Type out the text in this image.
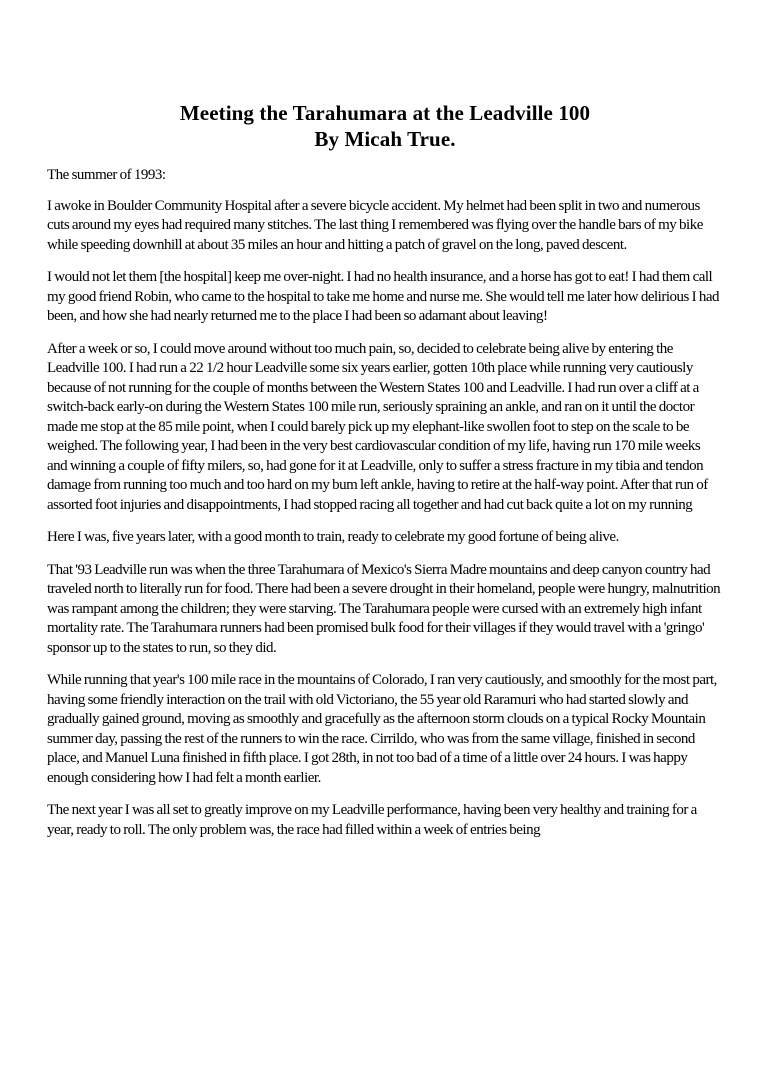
Meeting the Tarahumara at the Leadville 100
By Micah True.

The summer of 1993:

I awoke in Boulder Community Hospital after a severe bicycle accident. My helmet had been split in two and numerous cuts around my eyes had required many stitches. The last thing I remembered was flying over the handle bars of my bike while speeding downhill at about 35 miles an hour and hitting a patch of gravel on the long, paved descent.

I would not let them [the hospital] keep me over-night. I had no health insurance, and a horse has got to eat! I had them call my good friend Robin, who came to the hospital to take me home and nurse me. She would tell me later how delirious I had been, and how she had nearly returned me to the place I had been so adamant about leaving!

After a week or so, I could move around without too much pain, so, decided to celebrate being alive by entering the Leadville 100. I had run a 22 1/2 hour Leadville some six years earlier, gotten 10th place while running very cautiously because of not running for the couple of months between the Western States 100 and Leadville. I had run over a cliff at a switch-back early-on during the Western States 100 mile run, seriously spraining an ankle, and ran on it until the doctor made me stop at the 85 mile point, when I could barely pick up my elephant-like swollen foot to step on the scale to be weighed. The following year, I had been in the very best cardiovascular condition of my life, having run 170 mile weeks and winning a couple of fifty milers, so, had gone for it at Leadville, only to suffer a stress fracture in my tibia and tendon damage from running too much and too hard on my bum left ankle, having to retire at the half-way point. After that run of assorted foot injuries and disappointments, I had stopped racing all together and had cut back quite a lot on my running

Here I was, five years later, with a good month to train, ready to celebrate my good fortune of being alive.

That '93 Leadville run was when the three Tarahumara of Mexico's Sierra Madre mountains and deep canyon country had traveled north to literally run for food. There had been a severe drought in their homeland, people were hungry, malnutrition was rampant among the children; they were starving. The Tarahumara people were cursed with an extremely high infant mortality rate. The Tarahumara runners had been promised bulk food for their villages if they would travel with a 'gringo' sponsor up to the states to run, so they did.

While running that year's 100 mile race in the mountains of Colorado, I ran very cautiously, and smoothly for the most part, having some friendly interaction on the trail with old Victoriano, the 55 year old Raramuri who had started slowly and gradually gained ground, moving as smoothly and gracefully as the afternoon storm clouds on a typical Rocky Mountain summer day, passing the rest of the runners to win the race. Cirrildo, who was from the same village, finished in second place, and Manuel Luna finished in fifth place. I got 28th, in not too bad of a time of a little over 24 hours. I was happy enough considering how I had felt a month earlier.

The next year I was all set to greatly improve on my Leadville performance, having been very healthy and training for a year, ready to roll. The only problem was, the race had filled within a week of entries being
